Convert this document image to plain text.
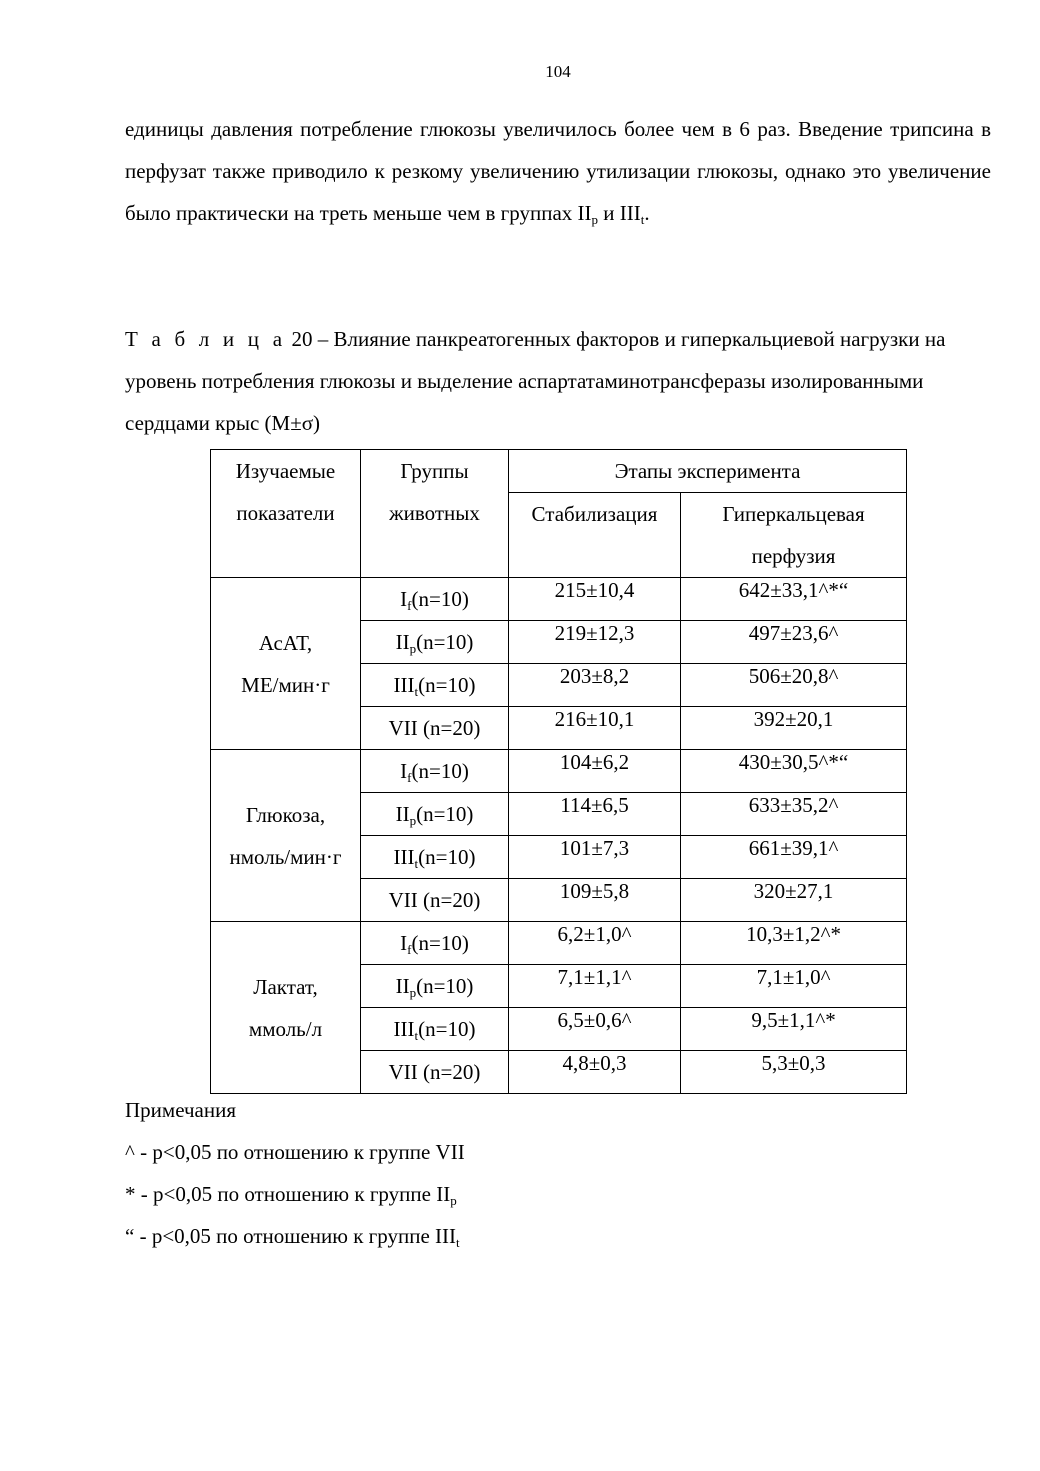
104
единицы давления потребление глюкозы увеличилось более чем в 6 раз. Введение трипсина в перфузат также приводило к резкому увеличению утилизации глюкозы, однако это увеличение было практически на треть меньше чем в группах $II_p$ и $III_t$.
Т а б л и ц а 20 – Влияние панкреатогенных факторов и гиперкальциевой нагрузки на уровень потребления глюкозы и выделение аспартатаминотрансферазы изолированными сердцами крыс (М±σ)
Изучаемые показатели	Группы животных	Этапы эксперимента	
		Стабилизация	Гиперкальцевая перфузия

АсАТ,
МЕ/мин·г	$I_f(n=10)$	215±10,4	642±33,1^*“
	$II_p(n=10)$	219±12,3	497±23,6^
	$III_t(n=10)$	203±8,2	506±20,8^
	VII (n=20)	216±10,1	392±20,1

Глюкоза,
нмоль/мин·г	$I_f(n=10)$	104±6,2	430±30,5^*“
	$II_p(n=10)$	114±6,5	633±35,2^
	$III_t(n=10)$	101±7,3	661±39,1^
	VII (n=20)	109±5,8	320±27,1

Лактат,
ммоль/л	$I_f(n=10)$	6,2±1,0^	10,3±1,2^*
	$II_p(n=10)$	7,1±1,1^	7,1±1,0^
	$III_t(n=10)$	6,5±0,6^	9,5±1,1^*
	VII (n=20)	4,8±0,3	5,3±0,3
Примечания
^ - p<0,05 по отношению к группе VII
* - p<0,05 по отношению к группе $II_p$
“ - p<0,05 по отношению к группе $III_t$
